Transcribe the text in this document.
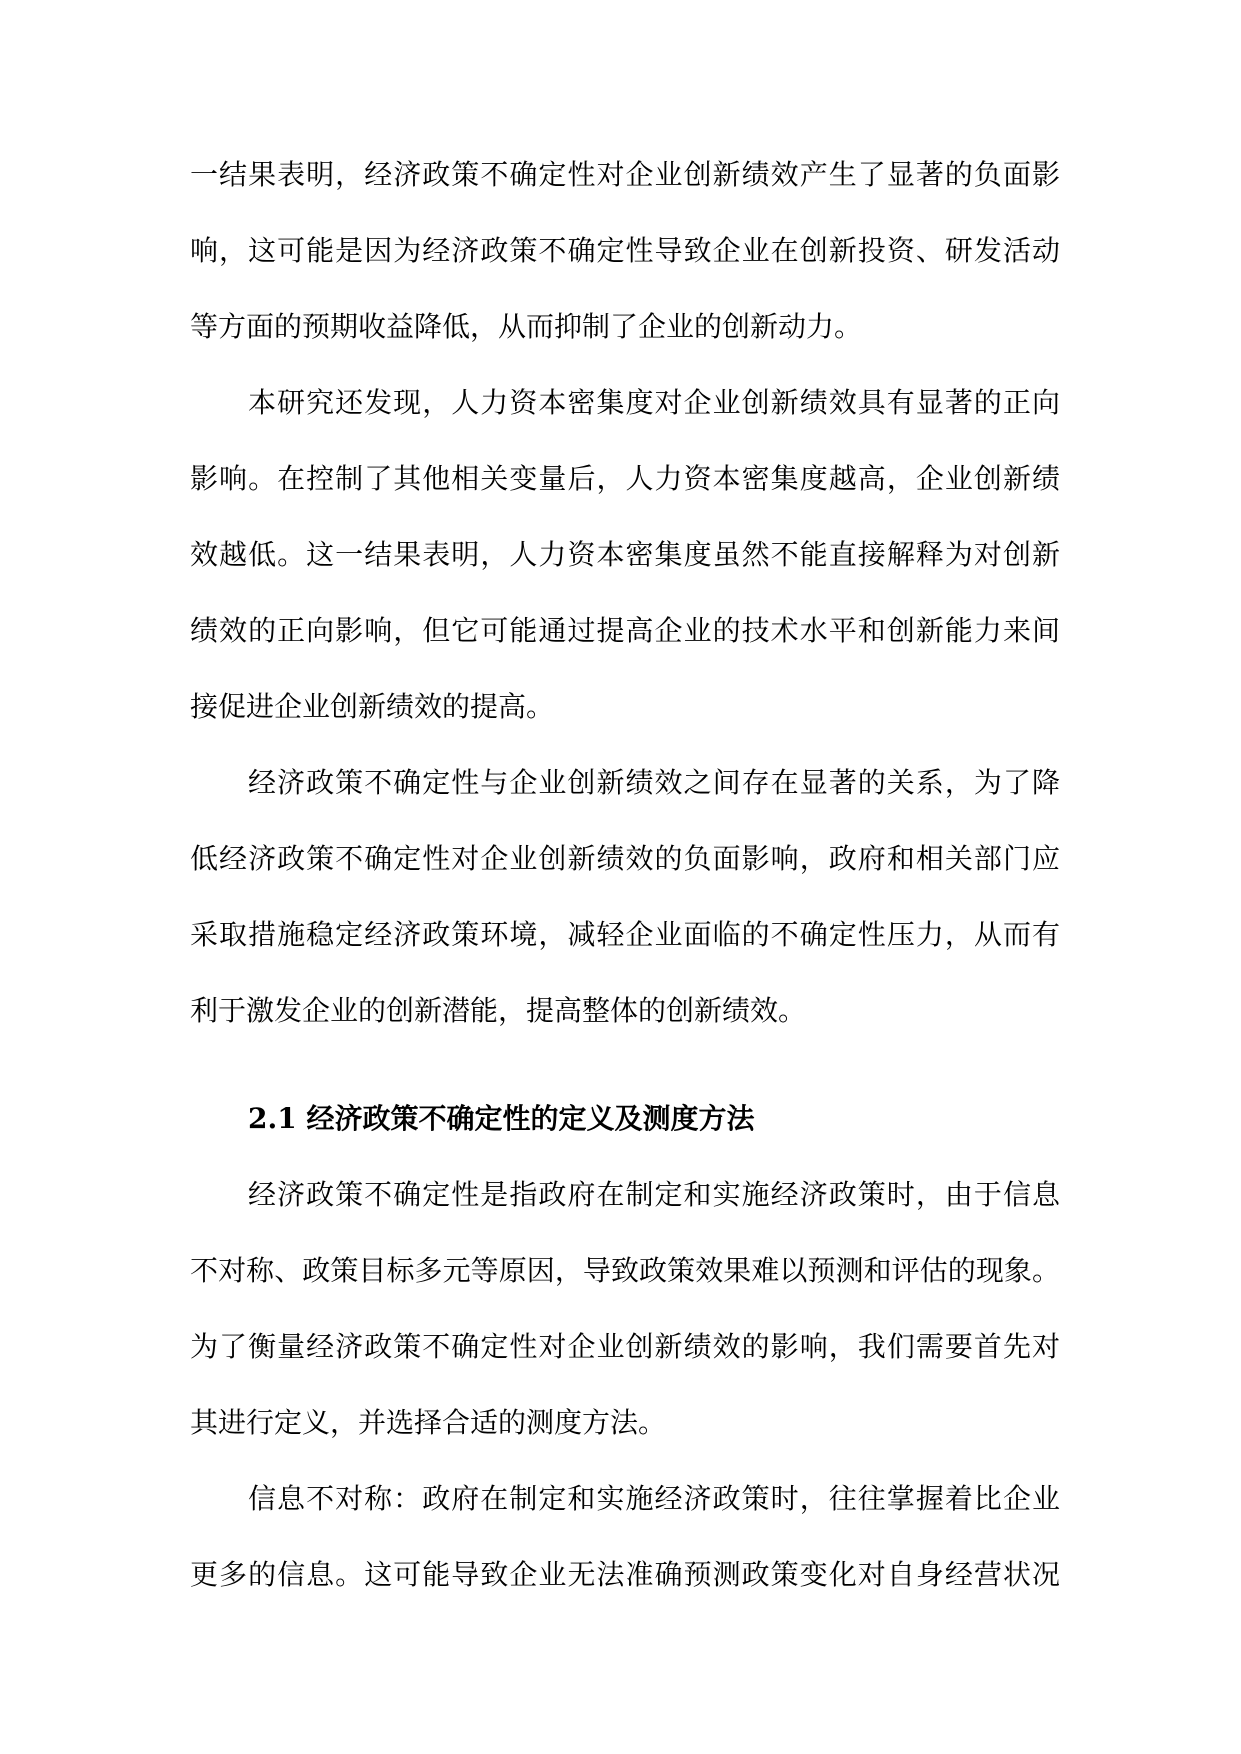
一结果表明，经济政策不确定性对企业创新绩效产生了显著的负面影
响，这可能是因为经济政策不确定性导致企业在创新投资、研发活动
等方面的预期收益降低，从而抑制了企业的创新动力。
本研究还发现，人力资本密集度对企业创新绩效具有显著的正向
影响。在控制了其他相关变量后，人力资本密集度越高，企业创新绩
效越低。这一结果表明，人力资本密集度虽然不能直接解释为对创新
绩效的正向影响，但它可能通过提高企业的技术水平和创新能力来间
接促进企业创新绩效的提高。
经济政策不确定性与企业创新绩效之间存在显著的关系，为了降
低经济政策不确定性对企业创新绩效的负面影响，政府和相关部门应
采取措施稳定经济政策环境，减轻企业面临的不确定性压力，从而有
利于激发企业的创新潜能，提高整体的创新绩效。
2.1 经济政策不确定性的定义及测度方法
经济政策不确定性是指政府在制定和实施经济政策时，由于信息
不对称、政策目标多元等原因，导致政策效果难以预测和评估的现象。
为了衡量经济政策不确定性对企业创新绩效的影响，我们需要首先对
其进行定义，并选择合适的测度方法。
信息不对称：政府在制定和实施经济政策时，往往掌握着比企业
更多的信息。这可能导致企业无法准确预测政策变化对自身经营状况
